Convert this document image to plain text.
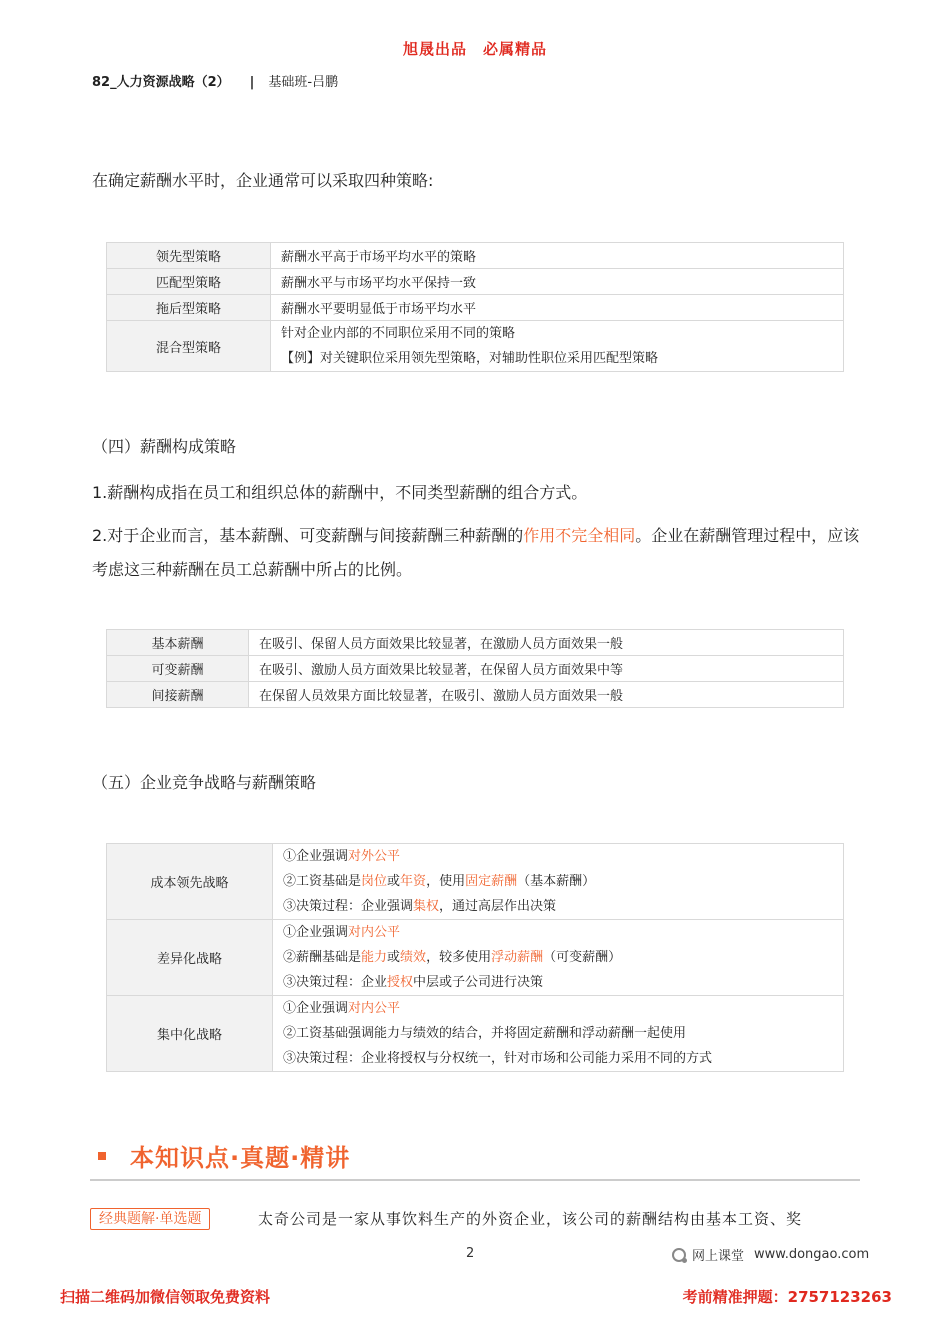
旭晟出品 必属精品
82_人力资源战略（2） | 基础班-吕鹏
在确定薪酬水平时，企业通常可以采取四种策略:
领先型策略	薪酬水平高于市场平均水平的策略
匹配型策略	薪酬水平与市场平均水平保持一致
拖后型策略	薪酬水平要明显低于市场平均水平
混合型策略	针对企业内部的不同职位采用不同的策略
【例】对关键职位采用领先型策略，对辅助性职位采用匹配型策略
（四）薪酬构成策略
1.薪酬构成指在员工和组织总体的薪酬中，不同类型薪酬的组合方式。
2.对于企业而言，基本薪酬、可变薪酬与间接薪酬三种薪酬的作用不完全相同。企业在薪酬管理过程中，应该考虑这三种薪酬在员工总薪酬中所占的比例。
基本薪酬	在吸引、保留人员方面效果比较显著，在激励人员方面效果一般
可变薪酬	在吸引、激励人员方面效果比较显著，在保留人员方面效果中等
间接薪酬	在保留人员效果方面比较显著，在吸引、激励人员方面效果一般
（五）企业竞争战略与薪酬策略
成本领先战略	①企业强调对外公平
②工资基础是岗位或年资，使用固定薪酬（基本薪酬）
③决策过程：企业强调集权，通过高层作出决策

差异化战略	①企业强调对内公平
②薪酬基础是能力或绩效，较多使用浮动薪酬（可变薪酬）
③决策过程：企业授权中层或子公司进行决策

集中化战略	①企业强调对内公平
②工资基础强调能力与绩效的结合，并将固定薪酬和浮动薪酬一起使用
③决策过程：企业将授权与分权统一，针对市场和公司能力采用不同的方式
本知识点·真题·精讲
经典题解·单选题	太奇公司是一家从事饮料生产的外资企业，该公司的薪酬结构由基本工资、奖
2	网上课堂 www.dongao.com
扫描二维码加微信领取免费资料	考前精准押题：2757123263
